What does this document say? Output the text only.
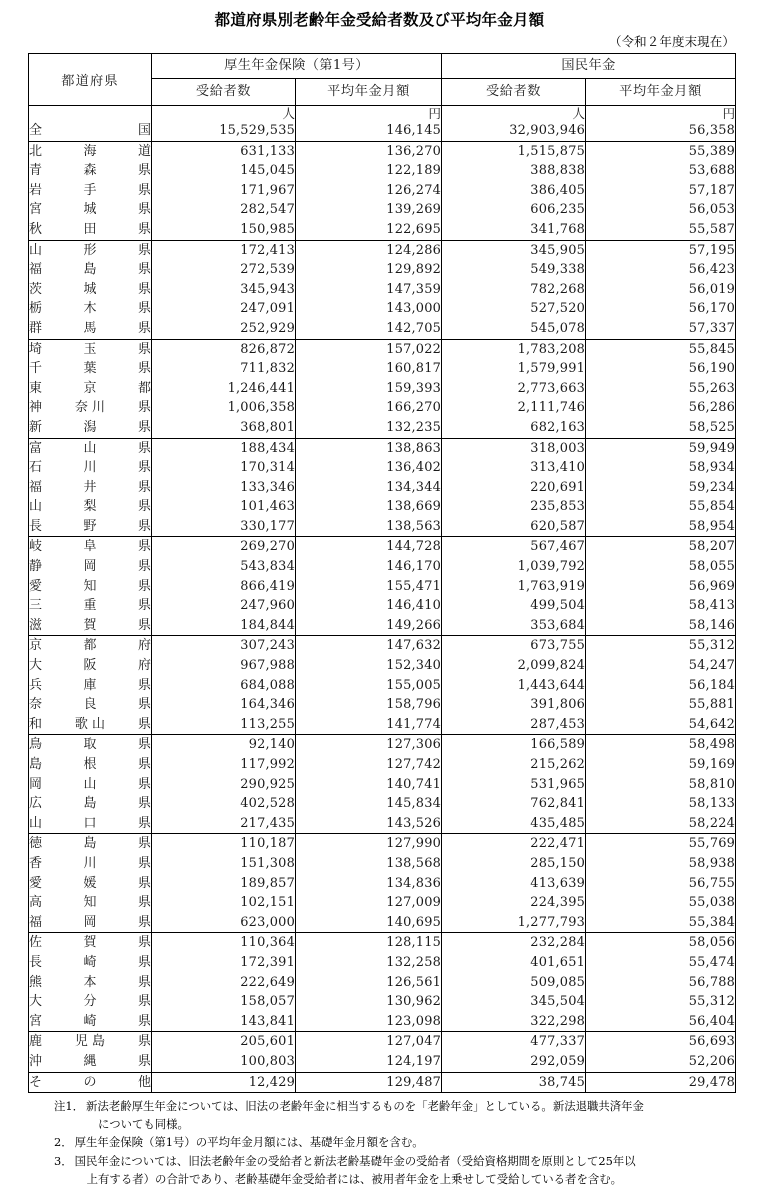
都道府県別老齢年金受給者数及び平均年金月額
（令和２年度末現在）
都道府県	厚生年金保険（第1号）		国民年金	
	受給者数	平均年金月額	受給者数	平均年金月額
	人	円	人	円

全 国	15,529,535	146,145	32,903,946	56,358

北 海 道	631,133	136,270	1,515,875	55,389

青 森 県	145,045	122,189	388,838	53,688

岩 手 県	171,967	126,274	386,405	57,187

宮 城 県	282,547	139,269	606,235	56,053

秋 田 県	150,985	122,695	341,768	55,587

山 形 県	172,413	124,286	345,905	57,195

福 島 県	272,539	129,892	549,338	56,423

茨 城 県	345,943	147,359	782,268	56,019

栃 木 県	247,091	143,000	527,520	56,170

群 馬 県	252,929	142,705	545,078	57,337

埼 玉 県	826,872	157,022	1,783,208	55,845

千 葉 県	711,832	160,817	1,579,991	56,190

東 京 都	1,246,441	159,393	2,773,663	55,263

神 奈 川 県	1,006,358	166,270	2,111,746	56,286

新 潟 県	368,801	132,235	682,163	58,525

富 山 県	188,434	138,863	318,003	59,949

石 川 県	170,314	136,402	313,410	58,934

福 井 県	133,346	134,344	220,691	59,234

山 梨 県	101,463	138,669	235,853	55,854

長 野 県	330,177	138,563	620,587	58,954

岐 阜 県	269,270	144,728	567,467	58,207

静 岡 県	543,834	146,170	1,039,792	58,055

愛 知 県	866,419	155,471	1,763,919	56,969

三 重 県	247,960	146,410	499,504	58,413

滋 賀 県	184,844	149,266	353,684	58,146

京 都 府	307,243	147,632	673,755	55,312

大 阪 府	967,988	152,340	2,099,824	54,247

兵 庫 県	684,088	155,005	1,443,644	56,184

奈 良 県	164,346	158,796	391,806	55,881

和 歌 山 県	113,255	141,774	287,453	54,642

鳥 取 県	92,140	127,306	166,589	58,498

島 根 県	117,992	127,742	215,262	59,169

岡 山 県	290,925	140,741	531,965	58,810

広 島 県	402,528	145,834	762,841	58,133

山 口 県	217,435	143,526	435,485	58,224

徳 島 県	110,187	127,990	222,471	55,769

香 川 県	151,308	138,568	285,150	58,938

愛 媛 県	189,857	134,836	413,639	56,755

高 知 県	102,151	127,009	224,395	55,038

福 岡 県	623,000	140,695	1,277,793	55,384

佐 賀 県	110,364	128,115	232,284	58,056

長 崎 県	172,391	132,258	401,651	55,474

熊 本 県	222,649	126,561	509,085	56,788

大 分 県	158,057	130,962	345,504	55,312

宮 崎 県	143,841	123,098	322,298	56,404

鹿 児 島 県	205,601	127,047	477,337	56,693

沖 縄 県	100,803	124,197	292,059	52,206

そ の 他	12,429	129,487	38,745	29,478
注1． 新法老齢厚生年金については、旧法の老齢年金に相当するものを「老齢年金」としている。新法退職共済年金
についても同様。
2． 厚生年金保険（第1号）の平均年金月額には、基礎年金月額を含む。
3． 国民年金については、旧法老齢年金の受給者と新法老齢基礎年金の受給者（受給資格期間を原則として25年以
上有する者）の合計であり、老齢基礎年金受給者には、被用者年金を上乗せして受給している者を含む。
